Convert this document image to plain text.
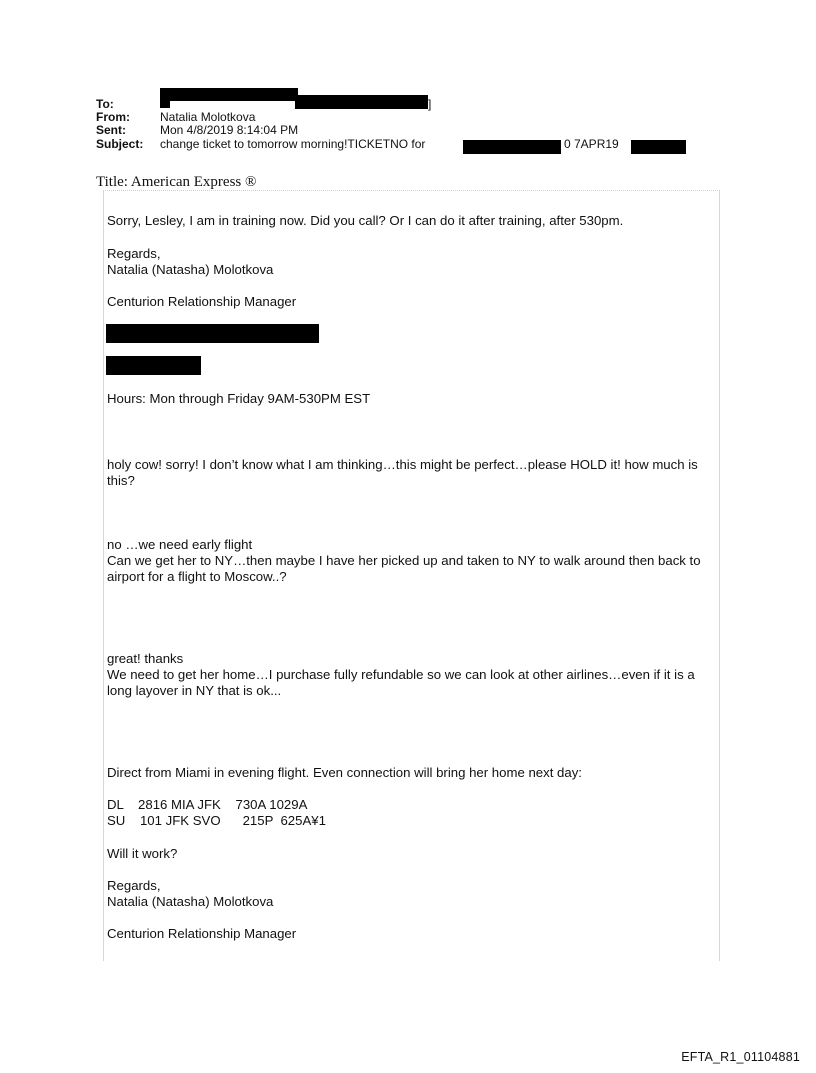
To:	]
From:	Natalia Molotkova
Sent:	Mon 4/8/2019 8:14:04 PM
Subject:	change ticket to tomorrow morning!TICKETNO for	0 7APR19
Title: American Express ®
Sorry, Lesley, I am in training now. Did you call? Or I can do it after training, after 530pm.

Regards,

Natalia (Natasha) Molotkova

Centurion Relationship Manager
Hours: Mon through Friday 9AM-530PM EST
holy cow! sorry! I don’t know what I am thinking…this might be perfect…please HOLD it! how much is this?

no …we need early flight

Can we get her to NY…then maybe I have her picked up and taken to NY to walk around then back to airport for a flight to Moscow..?

great! thanks

We need to get her home…I purchase fully refundable so we can look at other airlines…even if it is a long layover in NY that is ok...

Direct from Miami in evening flight. Even connection will bring her home next day:

DL    2816 MIA JFK    730A 1029A

SU    101 JFK SVO      215P  625A¥1

Will it work?

Regards,

Natalia (Natasha) Molotkova

Centurion Relationship Manager
EFTA_R1_01104881
